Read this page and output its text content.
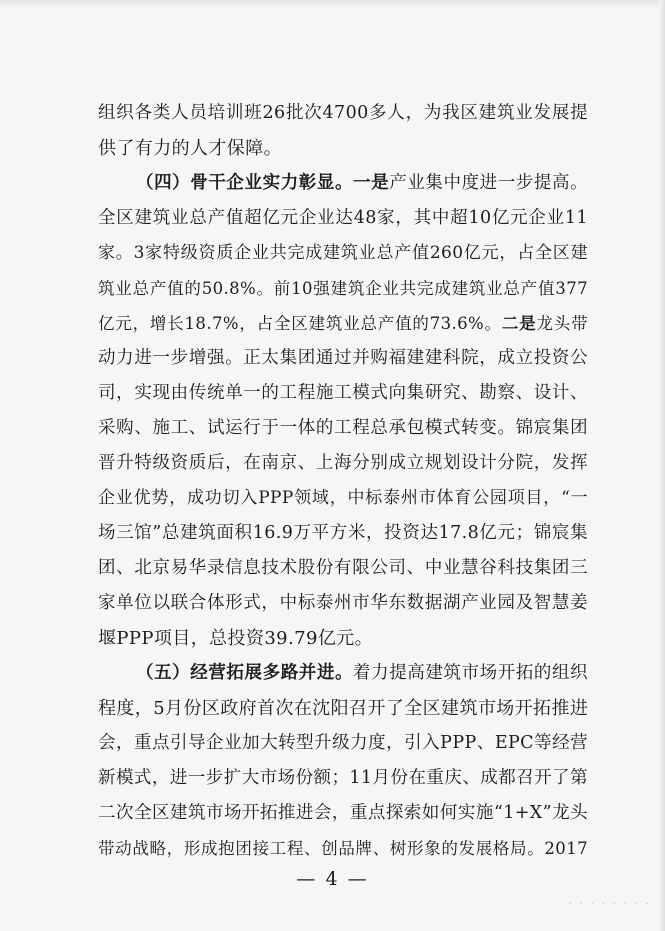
组织各类人员培训班26批次4700多人，为我区建筑业发展提
供了有力的人才保障。
（四）骨干企业实力彰显。一是产业集中度进一步提高。
全区建筑业总产值超亿元企业达48家，其中超10亿元企业11
家。3家特级资质企业共完成建筑业总产值260亿元，占全区建
筑业总产值的50.8%。前10强建筑企业共完成建筑业总产值377
亿元，增长18.7%，占全区建筑业总产值的73.6%。二是龙头带
动力进一步增强。正太集团通过并购福建建科院，成立投资公
司，实现由传统单一的工程施工模式向集研究、勘察、设计、
采购、施工、试运行于一体的工程总承包模式转变。锦宸集团
晋升特级资质后，在南京、上海分别成立规划设计分院，发挥
企业优势，成功切入PPP领域，中标泰州市体育公园项目，“一
场三馆”总建筑面积16.9万平方米，投资达17.8亿元；锦宸集
团、北京易华录信息技术股份有限公司、中业慧谷科技集团三
家单位以联合体形式，中标泰州市华东数据湖产业园及智慧姜
堰PPP项目，总投资39.79亿元。
（五）经营拓展多路并进。着力提高建筑市场开拓的组织
程度，5月份区政府首次在沈阳召开了全区建筑市场开拓推进
会，重点引导企业加大转型升级力度，引入PPP、EPC等经营
新模式，进一步扩大市场份额；11月份在重庆、成都召开了第
二次全区建筑市场开拓推进会，重点探索如何实施“1+X”龙头
带动战略，形成抱团接工程、创品牌、树形象的发展格局。2017
— 4 —
· · · · · · · ·
